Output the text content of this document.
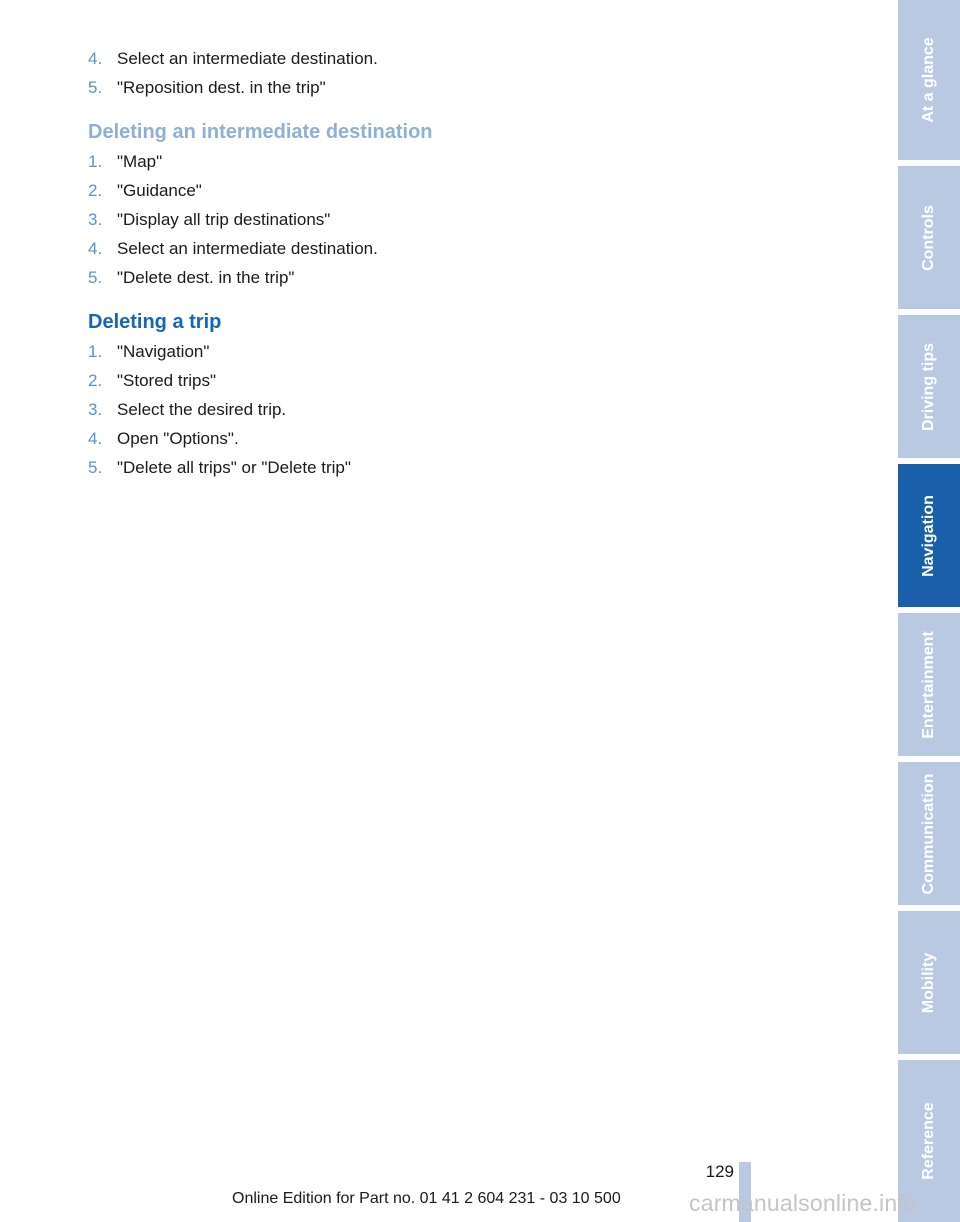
4. Select an intermediate destination.
5. "Reposition dest. in the trip"
Deleting an intermediate destination
1. "Map"
2. "Guidance"
3. "Display all trip destinations"
4. Select an intermediate destination.
5. "Delete dest. in the trip"
Deleting a trip
1. "Navigation"
2. "Stored trips"
3. Select the desired trip.
4. Open "Options".
5. "Delete all trips" or "Delete trip"
At a glance
Controls
Driving tips
Navigation
Entertainment
Communication
Mobility
Reference
129
Online Edition for Part no. 01 41 2 604 231 - 03 10 500	carmanualsonline.info
